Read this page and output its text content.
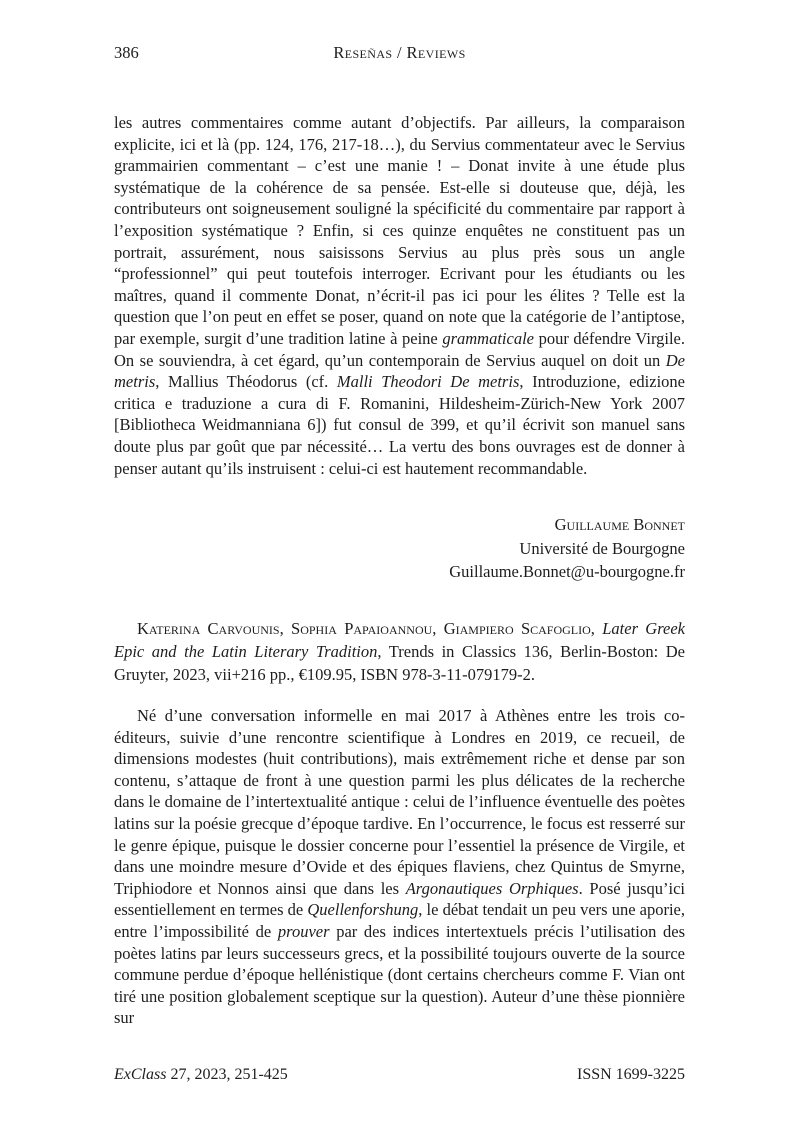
386	Reseñas / Reviews

les autres commentaires comme autant d’objectifs. Par ailleurs, la comparaison explicite, ici et là (pp. 124, 176, 217-18…), du Servius commentateur avec le Servius grammairien commentant – c’est une manie ! – Donat invite à une étude plus systématique de la cohérence de sa pensée. Est-elle si douteuse que, déjà, les contributeurs ont soigneusement souligné la spécificité du commentaire par rapport à l’exposition systématique ? Enfin, si ces quinze enquêtes ne constituent pas un portrait, assurément, nous saisissons Servius au plus près sous un angle “professionnel” qui peut toutefois interroger. Ecrivant pour les étudiants ou les maîtres, quand il commente Donat, n’écrit-il pas ici pour les élites ? Telle est la question que l’on peut en effet se poser, quand on note que la catégorie de l’antiptose, par exemple, surgit d’une tradition latine à peine grammaticale pour défendre Virgile. On se souviendra, à cet égard, qu’un contemporain de Servius auquel on doit un De metris, Mallius Théodorus (cf. Malli Theodori De metris, Introduzione, edizione critica e traduzione a cura di F. Romanini, Hildesheim-Zürich-New York 2007 [Bibliotheca Weidmanniana 6]) fut consul de 399, et qu’il écrivit son manuel sans doute plus par goût que par nécessité… La vertu des bons ouvrages est de donner à penser autant qu’ils instruisent : celui-ci est hautement recommandable.

Guillaume Bonnet
Université de Bourgogne
Guillaume.Bonnet@u-bourgogne.fr

Katerina Carvounis, Sophia Papaioannou, Giampiero Scafoglio, Later Greek Epic and the Latin Literary Tradition, Trends in Classics 136, Berlin-Boston: De Gruyter, 2023, vii+216 pp., €109.95, ISBN 978-3-11-079179-2.

Né d’une conversation informelle en mai 2017 à Athènes entre les trois co-éditeurs, suivie d’une rencontre scientifique à Londres en 2019, ce recueil, de dimensions modestes (huit contributions), mais extrêmement riche et dense par son contenu, s’attaque de front à une question parmi les plus délicates de la recherche dans le domaine de l’intertextualité antique : celui de l’influence éventuelle des poètes latins sur la poésie grecque d’époque tardive. En l’occurrence, le focus est resserré sur le genre épique, puisque le dossier concerne pour l’essentiel la présence de Virgile, et dans une moindre mesure d’Ovide et des épiques flaviens, chez Quintus de Smyrne, Triphiodore et Nonnos ainsi que dans les Argonautiques Orphiques. Posé jusqu’ici essentiellement en termes de Quellenforshung, le débat tendait un peu vers une aporie, entre l’impossibilité de prouver par des indices intertextuels précis l’utilisation des poètes latins par leurs successeurs grecs, et la possibilité toujours ouverte de la source commune perdue d’époque hellénistique (dont certains chercheurs comme F. Vian ont tiré une position globalement sceptique sur la question). Auteur d’une thèse pionnière sur

ExClass 27, 2023, 251-425	ISSN 1699-3225
